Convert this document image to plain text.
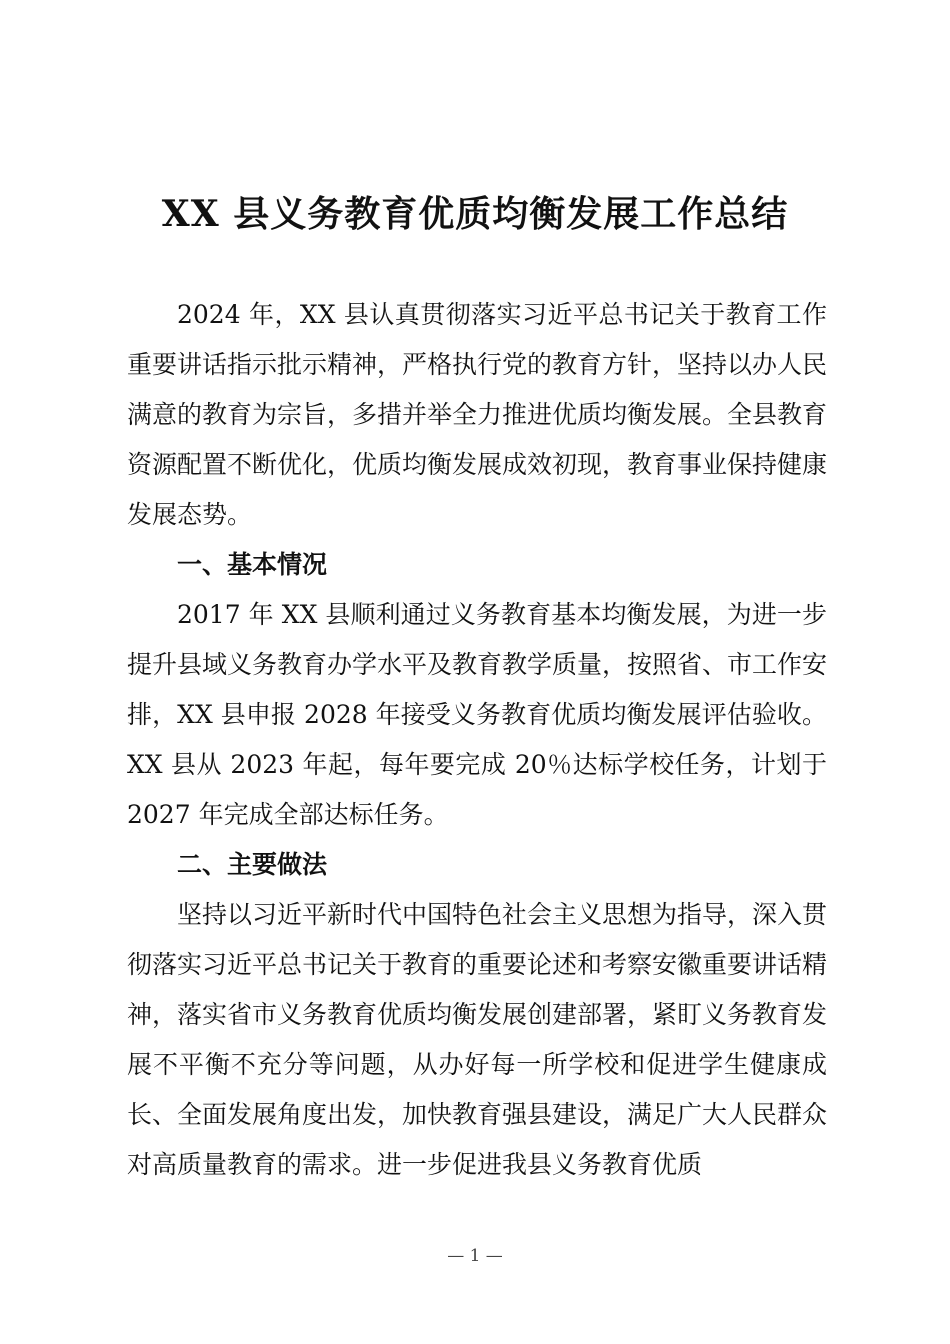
XX 县义务教育优质均衡发展工作总结

2024 年，XX 县认真贯彻落实习近平总书记关于教育工作重要讲话指示批示精神，严格执行党的教育方针，坚持以办人民满意的教育为宗旨，多措并举全力推进优质均衡发展。全县教育资源配置不断优化，优质均衡发展成效初现，教育事业保持健康发展态势。

一、基本情况

2017 年 XX 县顺利通过义务教育基本均衡发展，为进一步提升县域义务教育办学水平及教育教学质量，按照省、市工作安排，XX 县申报 2028 年接受义务教育优质均衡发展评估验收。XX 县从 2023 年起，每年要完成 20％达标学校任务，计划于 2027 年完成全部达标任务。

二、主要做法

坚持以习近平新时代中国特色社会主义思想为指导，深入贯彻落实习近平总书记关于教育的重要论述和考察安徽重要讲话精神，落实省市义务教育优质均衡发展创建部署，紧盯义务教育发展不平衡不充分等问题，从办好每一所学校和促进学生健康成长、全面发展角度出发，加快教育强县建设，满足广大人民群众对高质量教育的需求。进一步促进我县义务教育优质

— 1 —
